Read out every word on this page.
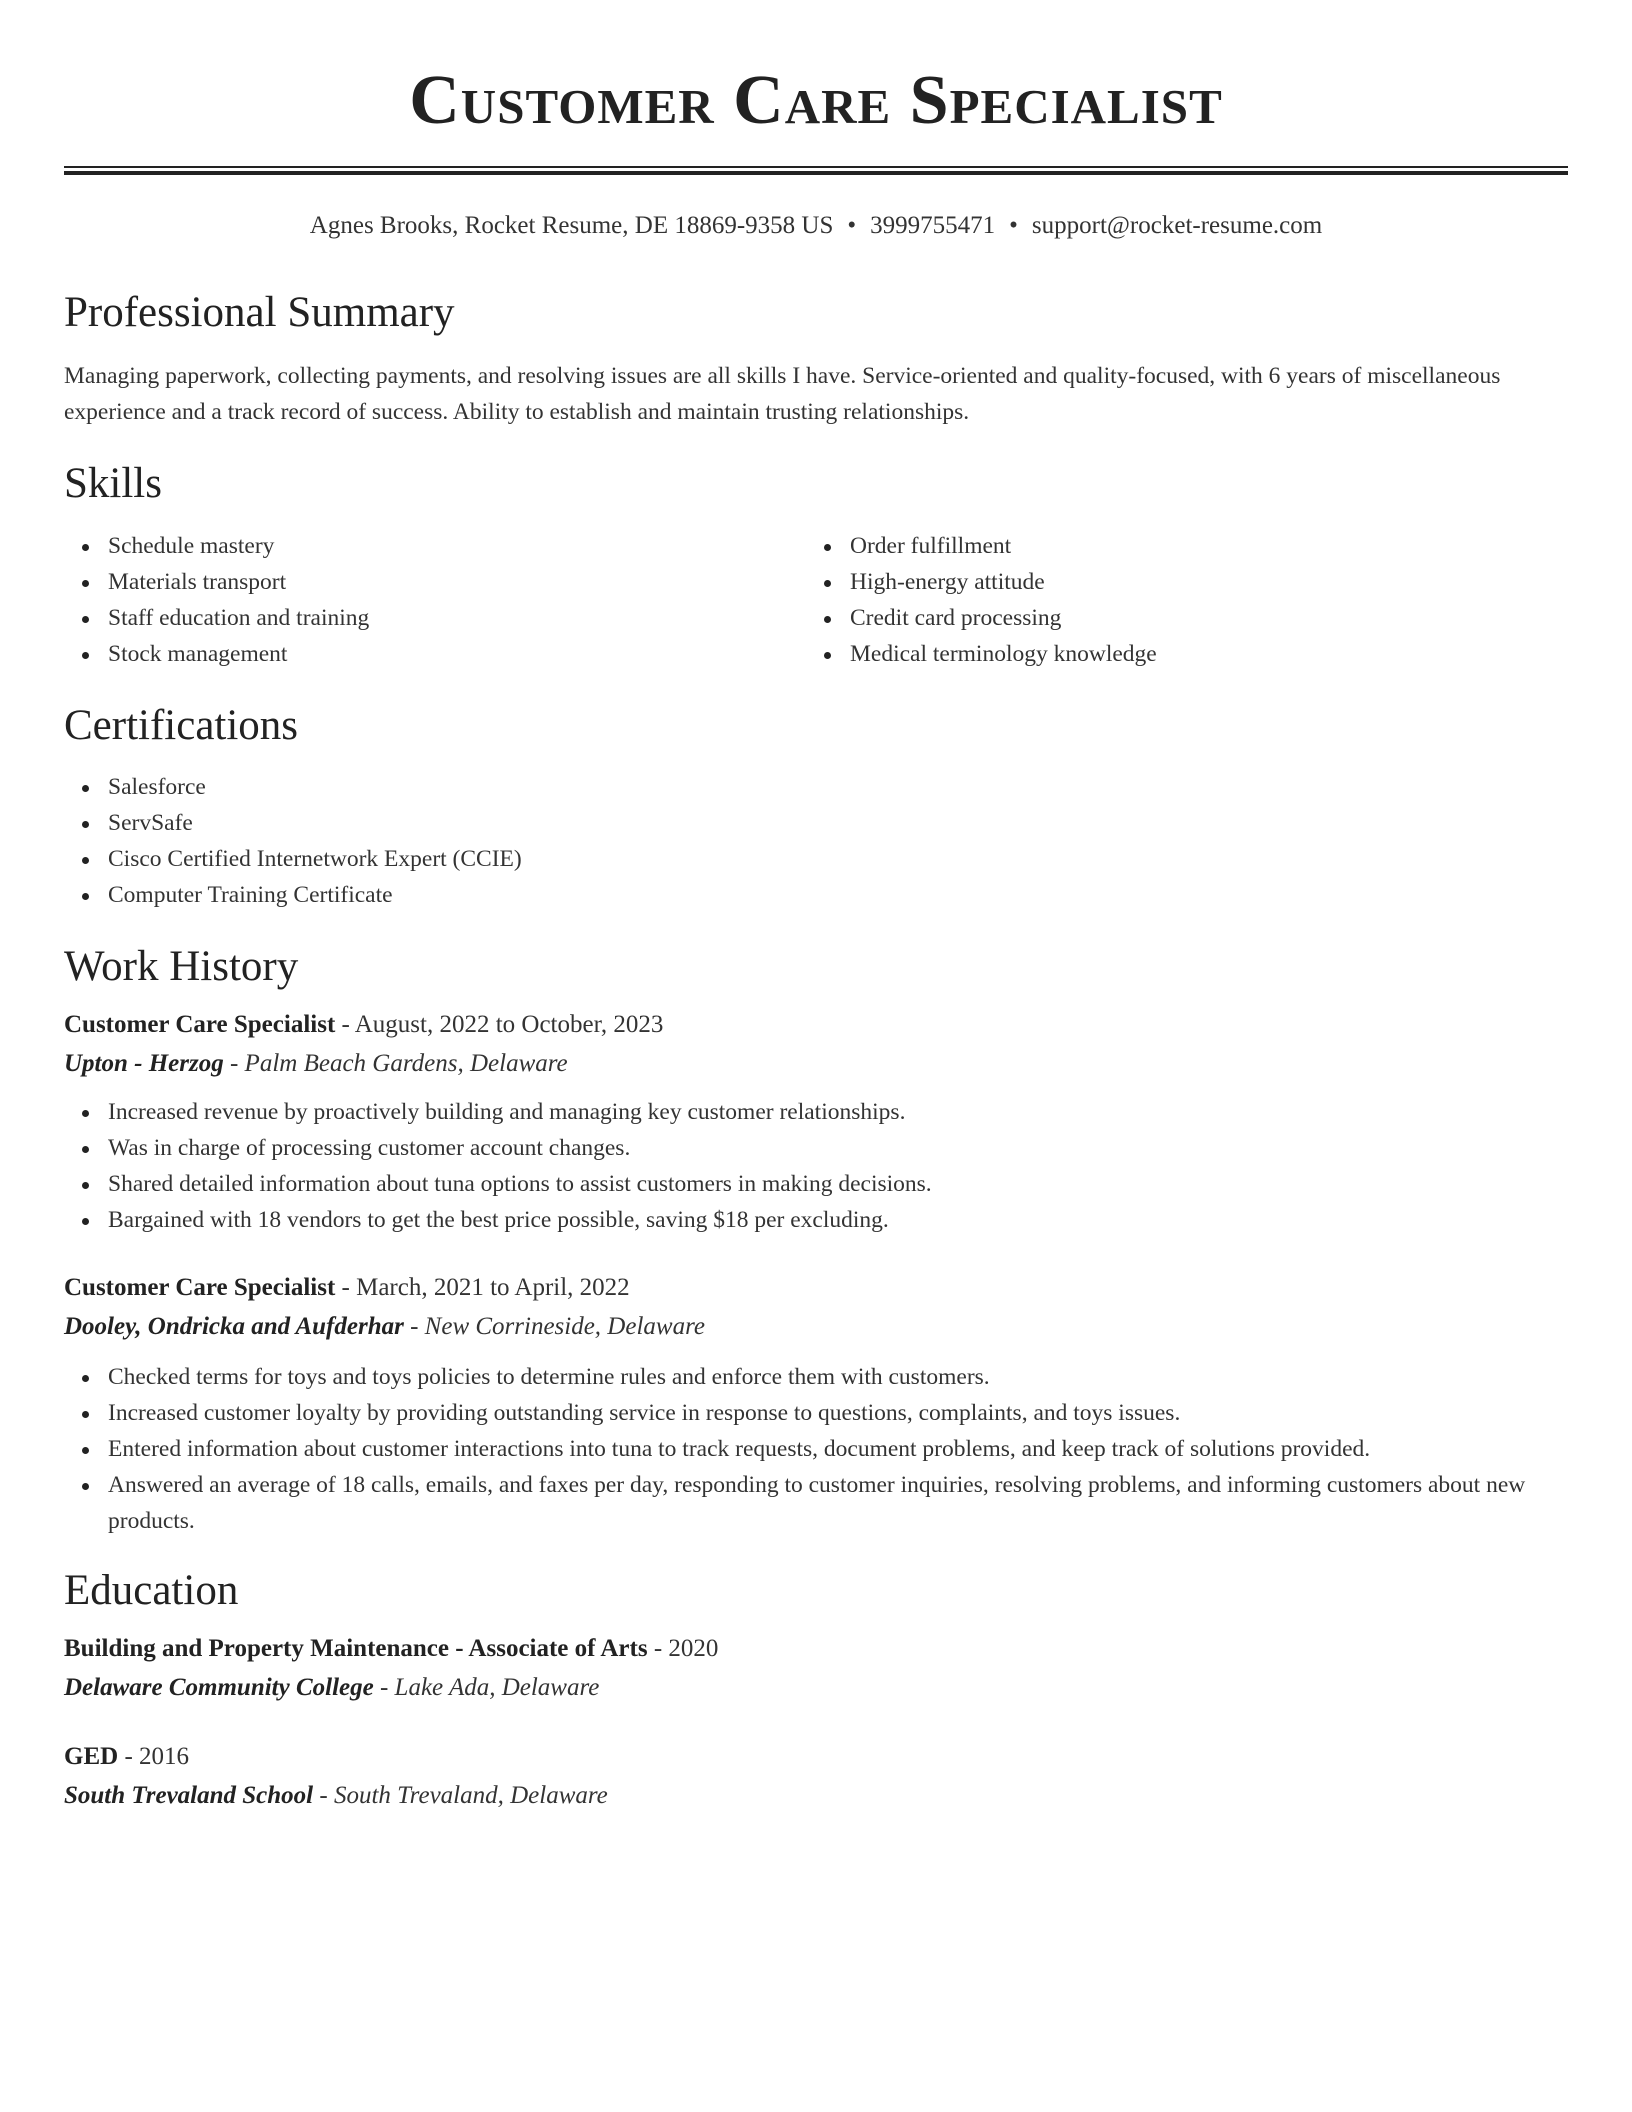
Customer Care Specialist
Agnes Brooks, Rocket Resume, DE 18869-9358 US • 3999755471 • support@rocket-resume.com
Professional Summary

Managing paperwork, collecting payments, and resolving issues are all skills I have. Service-oriented and quality-focused, with 6 years of miscellaneous experience and a track record of success. Ability to establish and maintain trusting relationships.

Skills
Schedule mastery
Materials transport
Staff education and training
Stock management
Order fulfillment
High-energy attitude
Credit card processing
Medical terminology knowledge
Certifications
Salesforce
ServSafe
Cisco Certified Internetwork Expert (CCIE)
Computer Training Certificate
Work History
Customer Care Specialist - August, 2022 to October, 2023
Upton - Herzog - Palm Beach Gardens, Delaware
Increased revenue by proactively building and managing key customer relationships.
Was in charge of processing customer account changes.
Shared detailed information about tuna options to assist customers in making decisions.
Bargained with 18 vendors to get the best price possible, saving $18 per excluding.
Customer Care Specialist - March, 2021 to April, 2022
Dooley, Ondricka and Aufderhar - New Corrineside, Delaware
Checked terms for toys and toys policies to determine rules and enforce them with customers.
Increased customer loyalty by providing outstanding service in response to questions, complaints, and toys issues.
Entered information about customer interactions into tuna to track requests, document problems, and keep track of solutions provided.
Answered an average of 18 calls, emails, and faxes per day, responding to customer inquiries, resolving problems, and informing customers about new products.
Education
Building and Property Maintenance - Associate of Arts - 2020
Delaware Community College - Lake Ada, Delaware
GED - 2016
South Trevaland School - South Trevaland, Delaware
